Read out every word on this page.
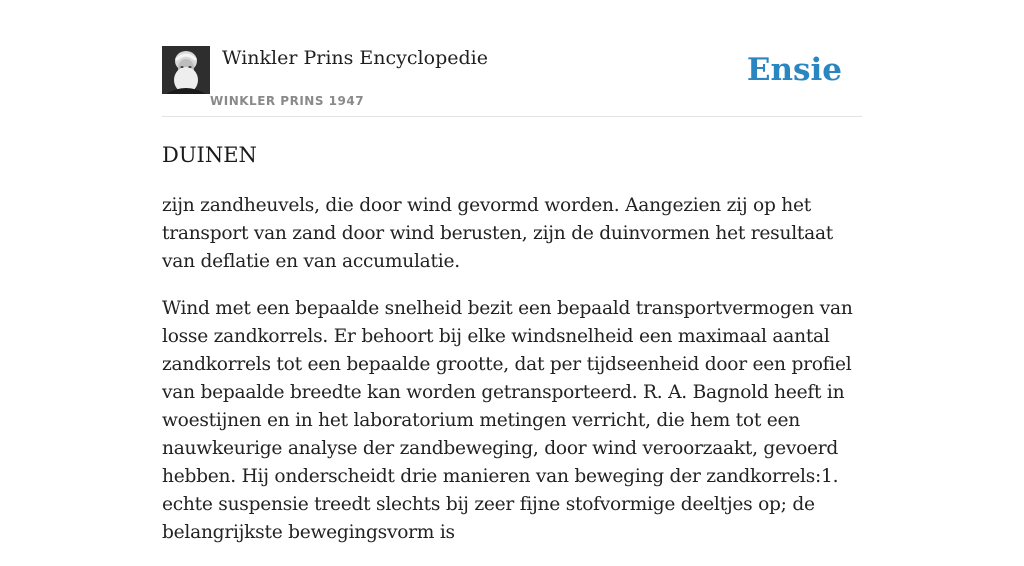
Winkler Prins Encyclopedie
WINKLER PRINS 1947
Ensie
DUINEN

zijn zandheuvels, die door wind gevormd worden. Aangezien zij op het transport van zand door wind berusten, zijn de duinvormen het resultaat van deflatie en van accumulatie.

Wind met een bepaalde snelheid bezit een bepaald transportvermogen van losse zandkorrels. Er behoort bij elke windsnelheid een maximaal aantal zandkorrels tot een bepaalde grootte, dat per tijdseenheid door een profiel van bepaalde breedte kan worden getransporteerd. R. A. Bagnold heeft in woestijnen en in het laboratorium metingen verricht, die hem tot een nauwkeurige analyse der zandbeweging, door wind veroorzaakt, gevoerd hebben. Hij onderscheidt drie manieren van beweging der zandkorrels:1. echte suspensie treedt slechts bij zeer fijne stofvormige deeltjes op; de belangrijkste bewegingsvorm is
